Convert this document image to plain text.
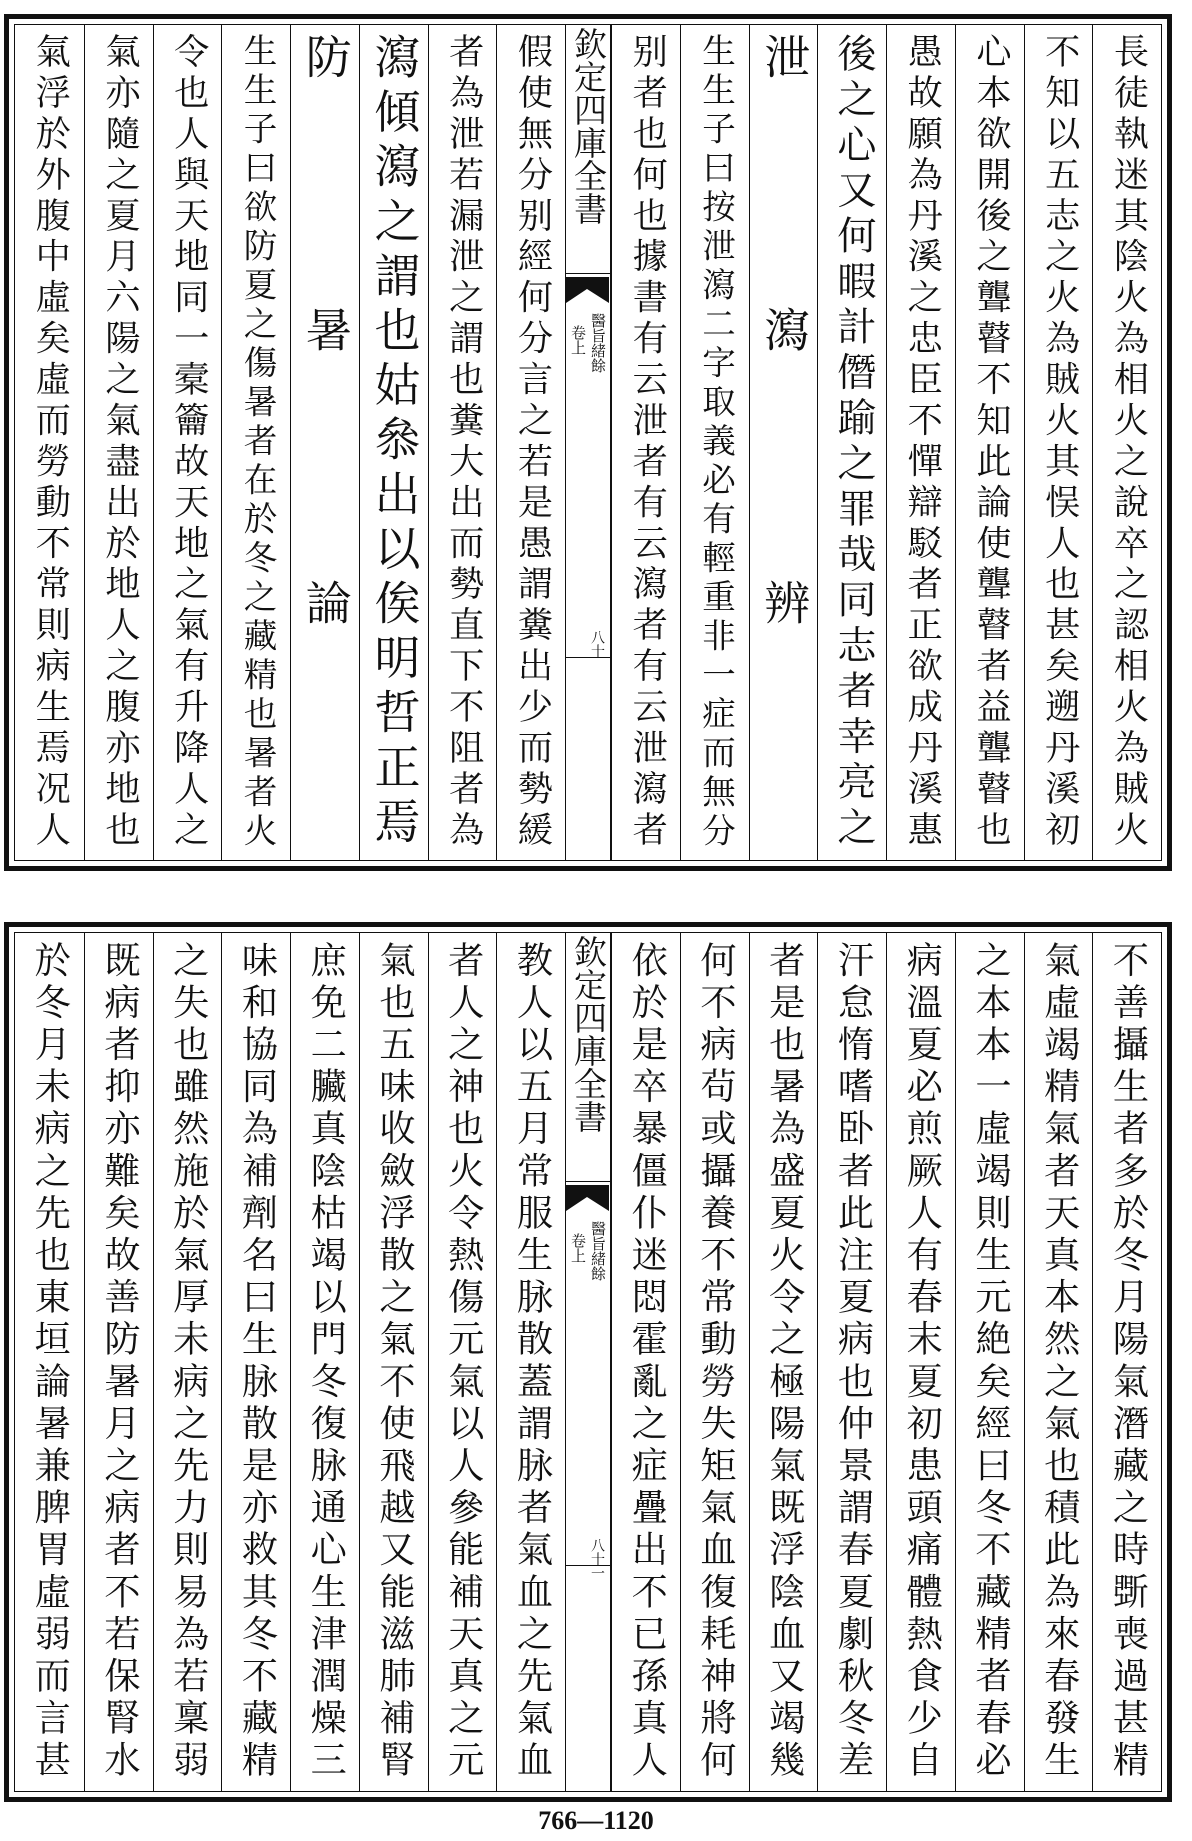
長徒執迷其陰火為相火之說卒之認相火為賊火
不知以五志之火為賊火其悮人也甚矣遡丹溪初
心本欲開後之聾瞽不知此論使聾瞽者益聾瞽也
愚故願為丹溪之忠臣不憚辯駁者正欲成丹溪惠
後之心又何暇計僭踰之罪哉同志者幸亮之
泄瀉辨
生生子曰按泄瀉二字取義必有輕重非一症而無分
别者也何也據書有云泄者有云瀉者有云泄瀉者
欽定四庫全書
卷上 醫旨緒餘
八十
假使無分别經何分言之若是愚謂糞出少而勢緩
者為泄若漏泄之謂也糞大出而勢直下不阻者為
瀉傾瀉之謂也姑叅出以俟明哲正焉
防暑論
生生子曰欲防夏之傷暑者在於冬之藏精也暑者火
令也人與天地同一槖籥故天地之氣有升降人之
氣亦隨之夏月六陽之氣盡出於地人之腹亦地也
氣浮於外腹中虛矣虛而勞動不常則病生焉况人
不善攝生者多於冬月陽氣潛藏之時斲喪過甚精
氣虛竭精氣者天真本然之氣也積此為來春發生
之本本一虛竭則生元絶矣經曰冬不藏精者春必
病溫夏必煎厥人有春末夏初患頭痛體熱食少自
汗怠惰嗜卧者此注夏病也仲景謂春夏劇秋冬差
者是也暑為盛夏火令之極陽氣既浮陰血又竭幾
何不病茍或攝養不常動勞失矩氣血復耗神將何
依於是卒暴僵仆迷悶霍亂之症疊出不已孫真人
欽定四庫全書
卷上 醫旨緒餘
八十一
教人以五月常服生脉散蓋謂脉者氣血之先氣血
者人之神也火令熱傷元氣以人參能補天真之元
氣也五味收斂浮散之氣不使飛越又能滋肺補腎
庶免二臟真陰枯竭以門冬復脉通心生津潤燥三
味和協同為補劑名曰生脉散是亦救其冬不藏精
之失也雖然施於氣厚未病之先力則易為若稟弱
既病者抑亦難矣故善防暑月之病者不若保腎水
於冬月未病之先也東垣論暑兼脾胃虛弱而言甚
766—1120
